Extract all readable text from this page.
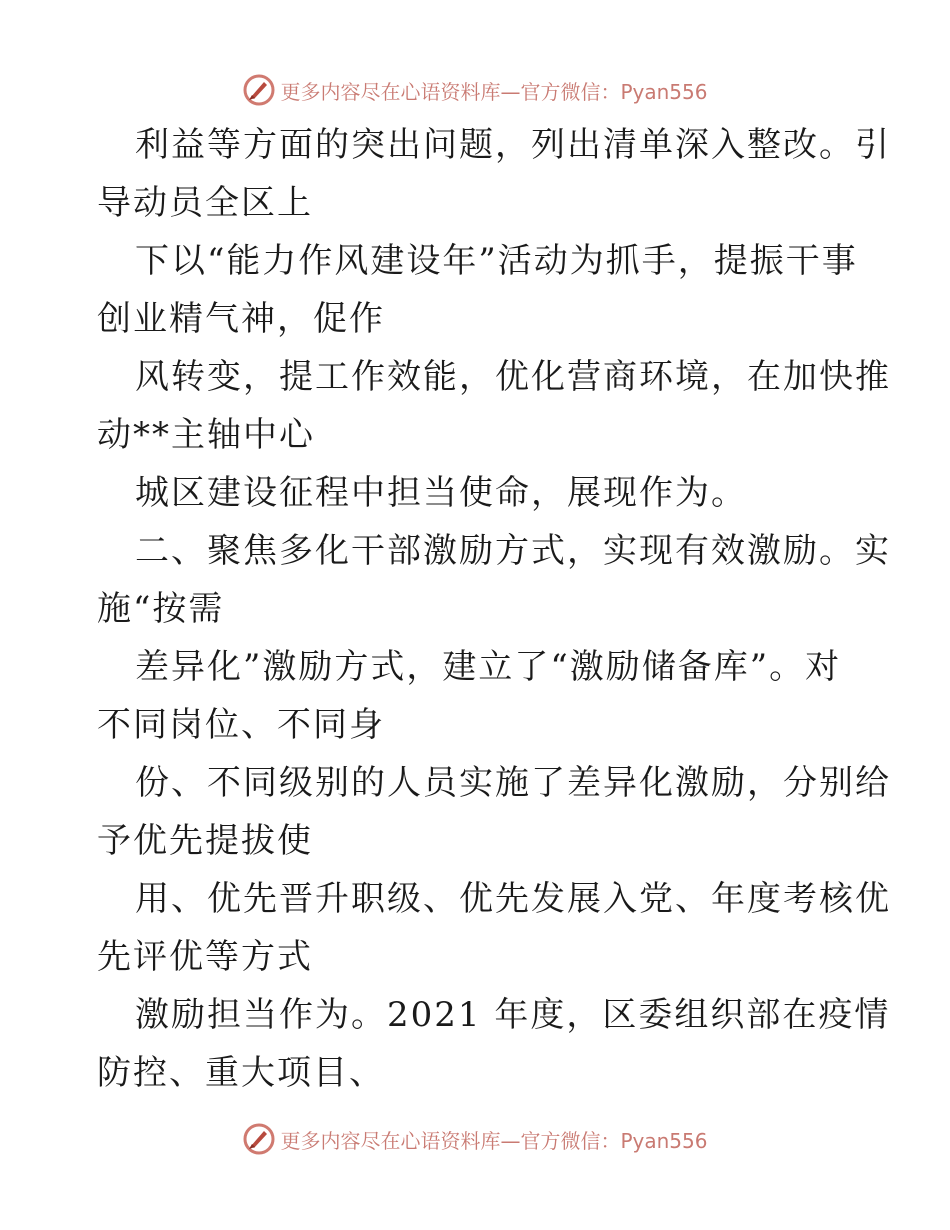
更多内容尽在心语资料库—官方微信：Pyan556
利益等方面的突出问题，列出清单深入整改。引
导动员全区上
下以“能力作风建设年”活动为抓手，提振干事
创业精气神，促作
风转变，提工作效能，优化营商环境，在加快推
动**主轴中心
城区建设征程中担当使命，展现作为。
二、聚焦多化干部激励方式，实现有效激励。实
施“按需
差异化”激励方式，建立了“激励储备库”。对
不同岗位、不同身
份、不同级别的人员实施了差异化激励，分别给
予优先提拔使
用、优先晋升职级、优先发展入党、年度考核优
先评优等方式
激励担当作为。2021 年度，区委组织部在疫情
防控、重大项目、
更多内容尽在心语资料库—官方微信：Pyan556
